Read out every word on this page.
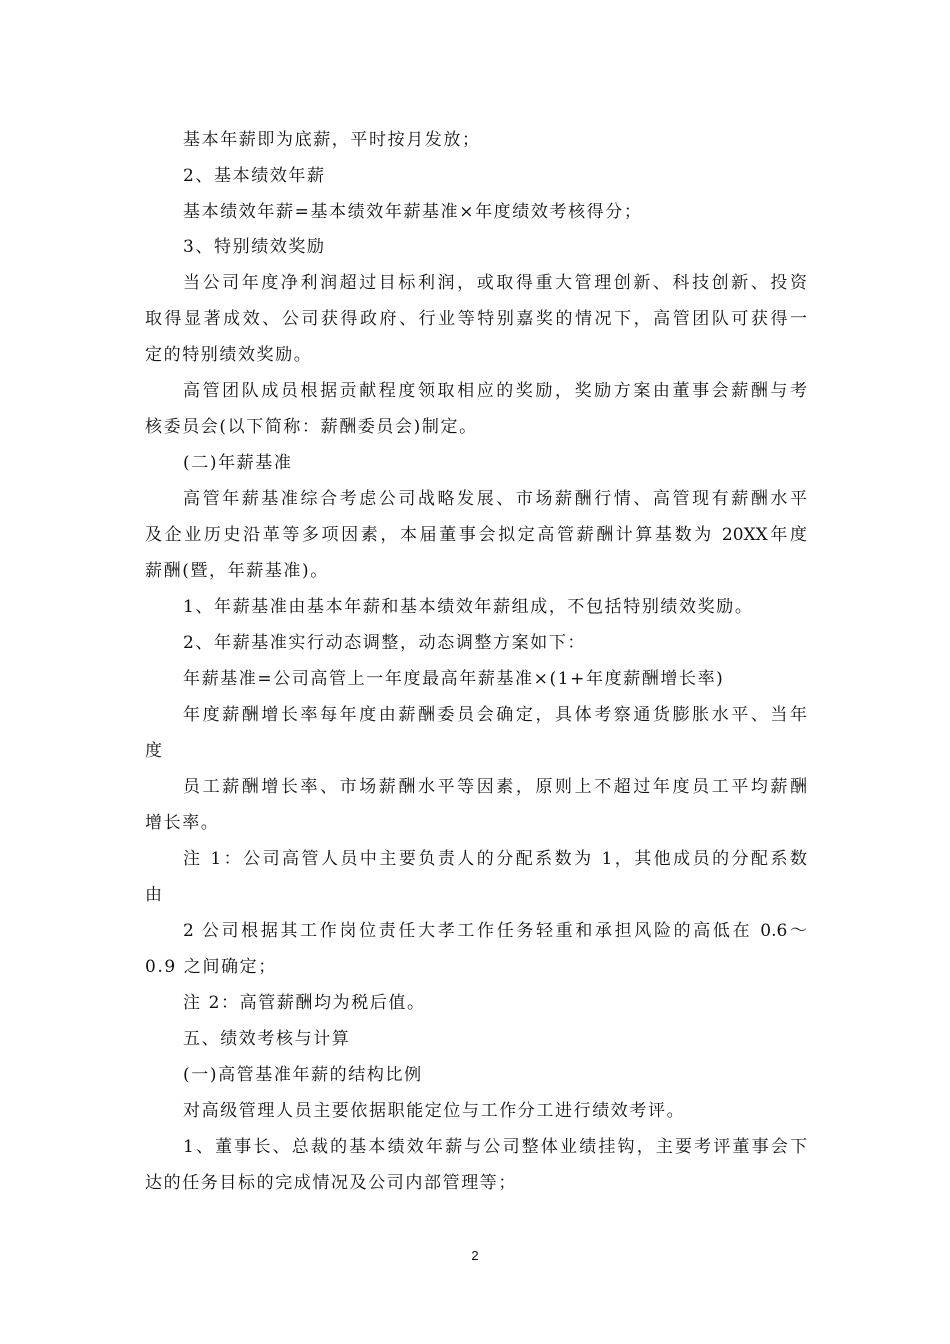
基本年薪即为底薪，平时按月发放；

2、基本绩效年薪

基本绩效年薪=基本绩效年薪基准×年度绩效考核得分；

3、特别绩效奖励

当公司年度净利润超过目标利润，或取得重大管理创新、科技创新、投资

取得显著成效、公司获得政府、行业等特别嘉奖的情况下，高管团队可获得一

定的特别绩效奖励。

高管团队成员根据贡献程度领取相应的奖励，奖励方案由董事会薪酬与考

核委员会(以下简称：薪酬委员会)制定。

(二)年薪基准

高管年薪基准综合考虑公司战略发展、市场薪酬行情、高管现有薪酬水平

及企业历史沿革等多项因素，本届董事会拟定高管薪酬计算基数为 20XX年度

薪酬(暨，年薪基准)。

1、年薪基准由基本年薪和基本绩效年薪组成，不包括特别绩效奖励。

2、年薪基准实行动态调整，动态调整方案如下：

年薪基准=公司高管上一年度最高年薪基准×(1+年度薪酬增长率)

年度薪酬增长率每年度由薪酬委员会确定，具体考察通货膨胀水平、当年

度

员工薪酬增长率、市场薪酬水平等因素，原则上不超过年度员工平均薪酬

增长率。

注 1：公司高管人员中主要负责人的分配系数为 1，其他成员的分配系数

由

2 公司根据其工作岗位责任大孝工作任务轻重和承担风险的高低在 0.6～

0.9 之间确定；

注 2：高管薪酬均为税后值。

五、绩效考核与计算

(一)高管基准年薪的结构比例

对高级管理人员主要依据职能定位与工作分工进行绩效考评。

1、董事长、总裁的基本绩效年薪与公司整体业绩挂钩，主要考评董事会下

达的任务目标的完成情况及公司内部管理等；

2
